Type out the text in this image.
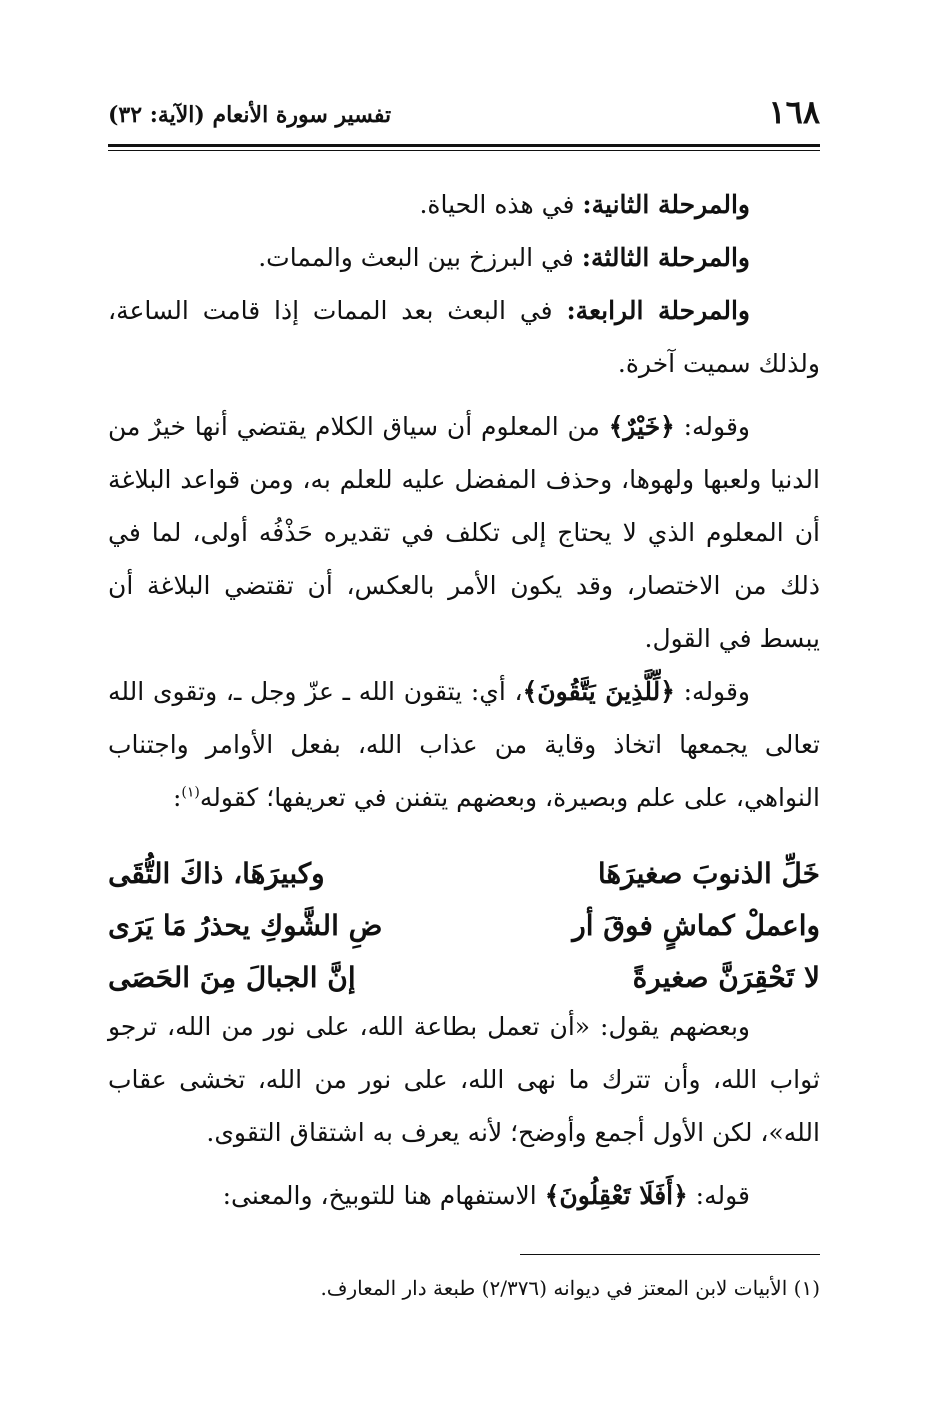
١٦٨
تفسير سورة الأنعام (الآية: ٣٢)

والمرحلة الثانية: في هذه الحياة.

والمرحلة الثالثة: في البرزخ بين البعث والممات.

والمرحلة الرابعة: في البعث بعد الممات إذا قامت الساعة، ولذلك سميت آخرة.

وقوله: ﴿خَيْرٌ﴾ من المعلوم أن سياق الكلام يقتضي أنها خيرٌ من الدنيا ولعبها ولهوها، وحذف المفضل عليه للعلم به، ومن قواعد البلاغة أن المعلوم الذي لا يحتاج إلى تكلف في تقديره حَذْفُه أولى، لما في ذلك من الاختصار، وقد يكون الأمر بالعكس، أن تقتضي البلاغة أن يبسط في القول.

وقوله: ﴿لِّلَّذِينَ يَتَّقُونَ﴾، أي: يتقون الله ـ عزّ وجل ـ، وتقوى الله تعالى يجمعها اتخاذ وقاية من عذاب الله، بفعل الأوامر واجتناب النواهي، على علم وبصيرة، وبعضهم يتفنن في تعريفها؛ كقوله$^{(١)}$:

خَلِّ الذنوبَ صغيرَهَا
وكبيرَهَا، ذاكَ التُّقَى
واعملْ كماشٍ فوقَ أر
ضِ الشَّوكِ يحذرُ مَا يَرَى
لا تَحْقِرَنَّ صغيرةً
إنَّ الجبالَ مِنَ الحَصَى

وبعضهم يقول: «أن تعمل بطاعة الله، على نور من الله، ترجو ثواب الله، وأن تترك ما نهى الله، على نور من الله، تخشى عقاب الله»، لكن الأول أجمع وأوضح؛ لأنه يعرف به اشتقاق التقوى.

قوله: ﴿أَفَلَا تَعْقِلُونَ﴾ الاستفهام هنا للتوبيخ، والمعنى:

(١) الأبيات لابن المعتز في ديوانه (٢/٣٧٦) طبعة دار المعارف.
